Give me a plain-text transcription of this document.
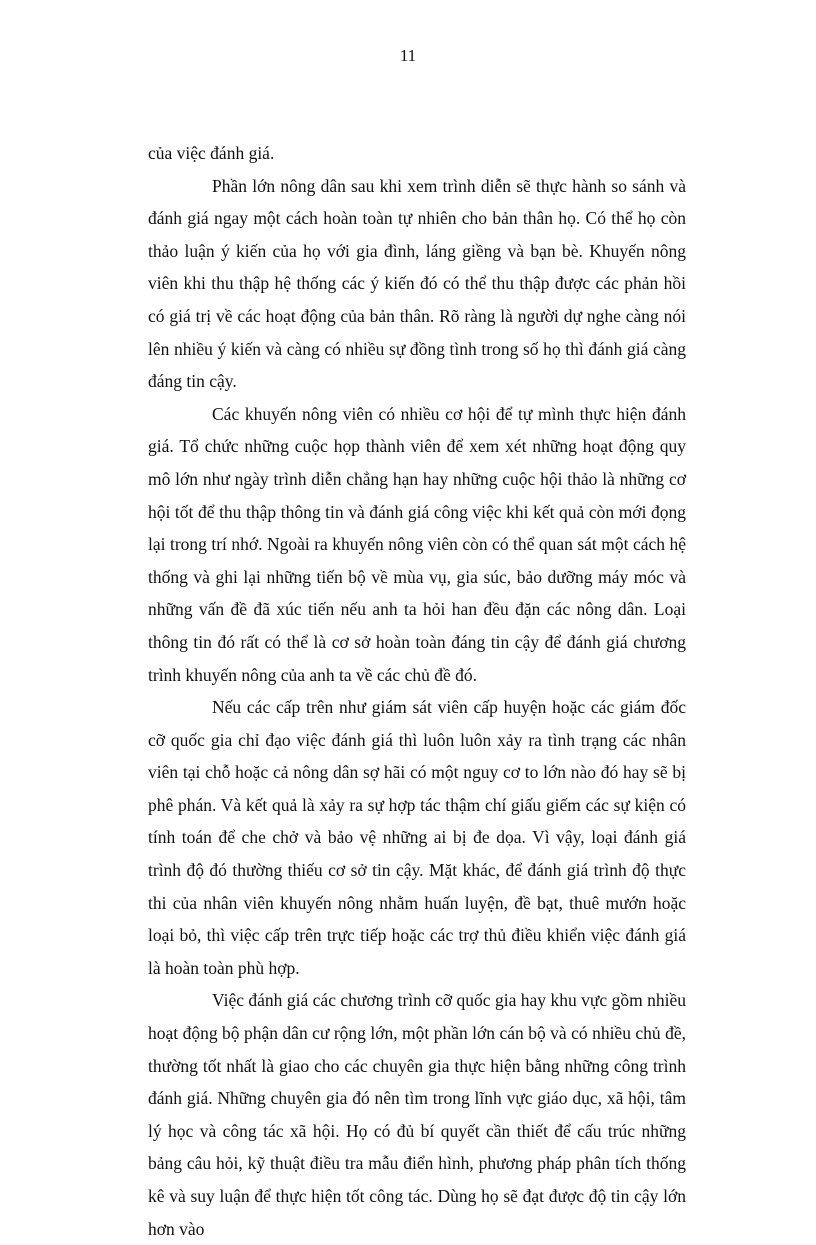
11

của việc đánh giá.

Phần lớn nông dân sau khi xem trình diễn sẽ thực hành so sánh và đánh giá ngay một cách hoàn toàn tự nhiên cho bản thân họ. Có thể họ còn thảo luận ý kiến của họ với gia đình, láng giềng và bạn bè. Khuyến nông viên khi thu thập hệ thống các ý kiến đó có thể thu thập được các phản hồi có giá trị về các hoạt động của bản thân. Rõ ràng là người dự nghe càng nói lên nhiều ý kiến và càng có nhiều sự đồng tình trong số họ thì đánh giá càng đáng tin cậy.

Các khuyến nông viên có nhiều cơ hội để tự mình thực hiện đánh giá. Tổ chức những cuộc họp thành viên để xem xét những hoạt động quy mô lớn như ngày trình diễn chẳng hạn hay những cuộc hội thảo là những cơ hội tốt để thu thập thông tin và đánh giá công việc khi kết quả còn mới đọng lại trong trí nhớ. Ngoài ra khuyến nông viên còn có thể quan sát một cách hệ thống và ghi lại những tiến bộ về mùa vụ, gia súc, bảo dưỡng máy móc và những vấn đề đã xúc tiến nếu anh ta hỏi han đều đặn các nông dân. Loại thông tin đó rất có thể là cơ sở hoàn toàn đáng tin cậy để đánh giá chương trình khuyến nông của anh ta về các chủ đề đó.

Nếu các cấp trên như giám sát viên cấp huyện hoặc các giám đốc cỡ quốc gia chỉ đạo việc đánh giá thì luôn luôn xảy ra tình trạng các nhân viên tại chỗ hoặc cả nông dân sợ hãi có một nguy cơ to lớn nào đó hay sẽ bị phê phán. Và kết quả là xảy ra sự hợp tác thậm chí giấu giếm các sự kiện có tính toán để che chở và bảo vệ những ai bị đe dọa. Vì vậy, loại đánh giá trình độ đó thường thiếu cơ sở tin cậy. Mặt khác, để đánh giá trình độ thực thi của nhân viên khuyến nông nhằm huấn luyện, đề bạt, thuê mướn hoặc loại bỏ, thì việc cấp trên trực tiếp hoặc các trợ thủ điều khiển việc đánh giá là hoàn toàn phù hợp.

Việc đánh giá các chương trình cỡ quốc gia hay khu vực gồm nhiều hoạt động bộ phận dân cư rộng lớn, một phần lớn cán bộ và có nhiều chủ đề, thường tốt nhất là giao cho các chuyên gia thực hiện bằng những công trình đánh giá. Những chuyên gia đó nên tìm trong lĩnh vực giáo dục, xã hội, tâm lý học và công tác xã hội. Họ có đủ bí quyết cần thiết để cấu trúc những bảng câu hỏi, kỹ thuật điều tra mẫu điển hình, phương pháp phân tích thống kê và suy luận để thực hiện tốt công tác. Dùng họ sẽ đạt được độ tin cậy lớn hơn vào
